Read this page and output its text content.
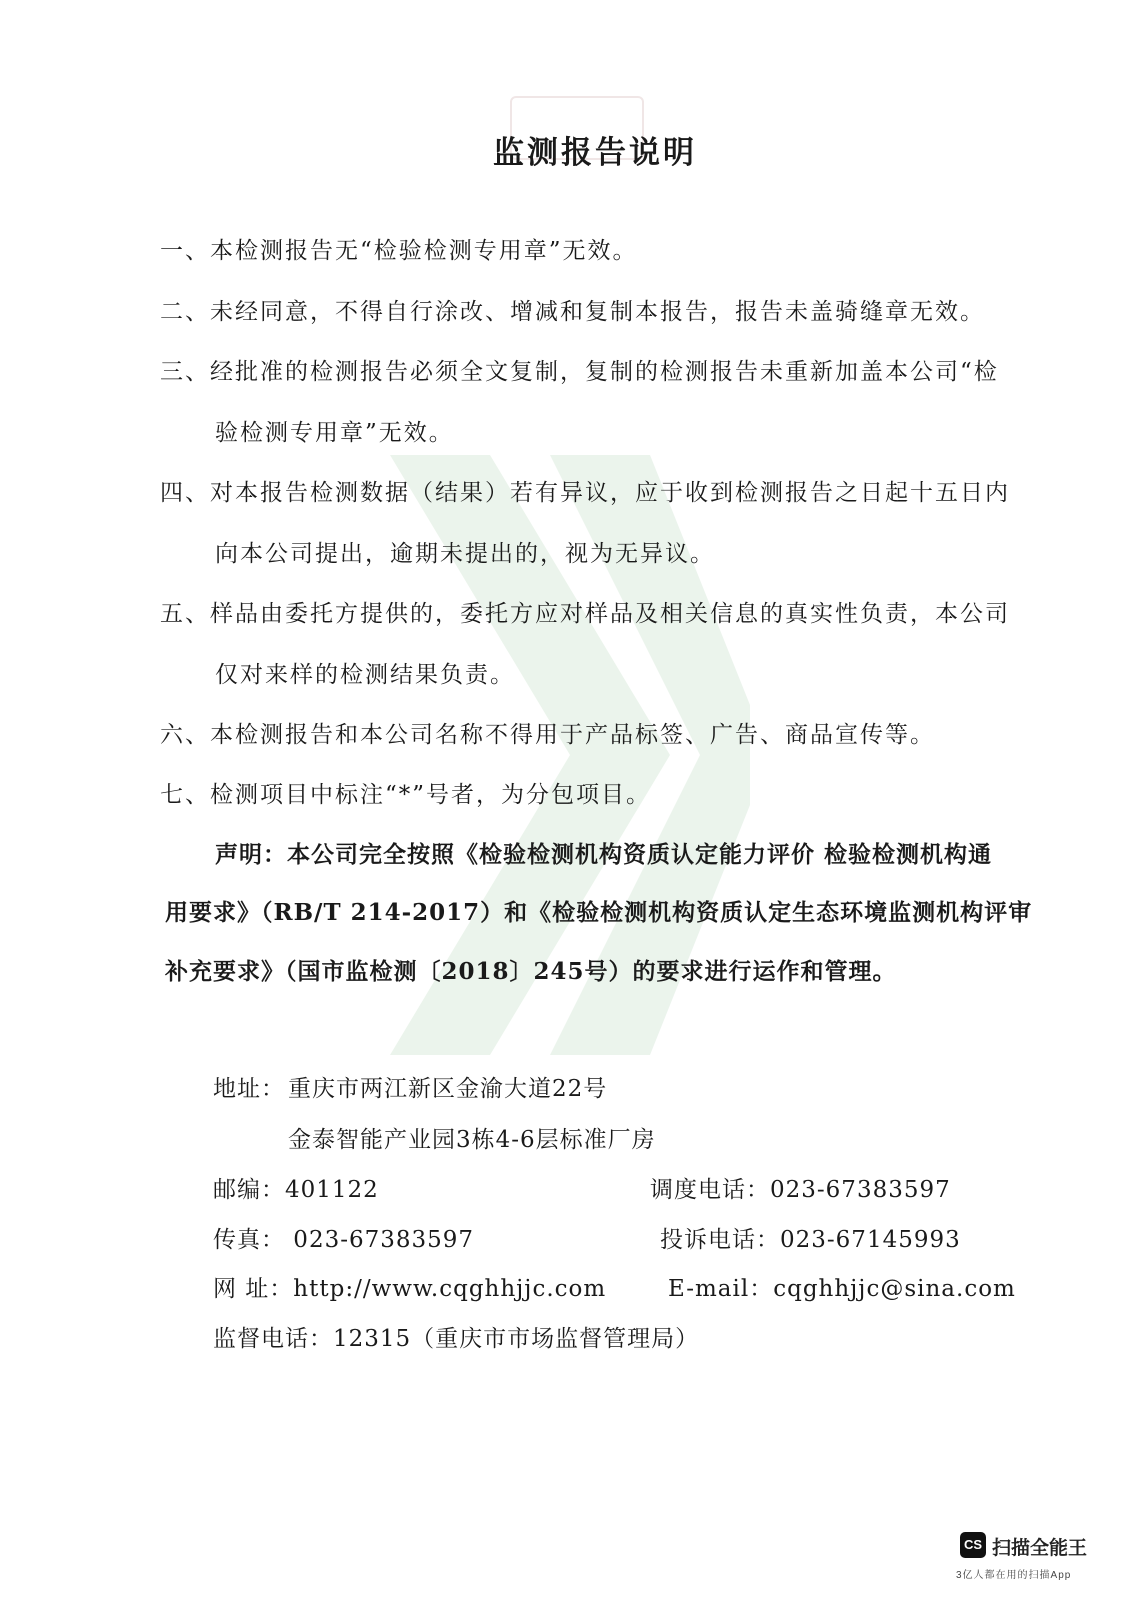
监测报告说明
一、本检测报告无“检验检测专用章”无效。
二、未经同意，不得自行涂改、增减和复制本报告，报告未盖骑缝章无效。
三、经批准的检测报告必须全文复制，复制的检测报告未重新加盖本公司“检
验检测专用章”无效。
四、对本报告检测数据（结果）若有异议，应于收到检测报告之日起十五日内
向本公司提出，逾期未提出的，视为无异议。
五、样品由委托方提供的，委托方应对样品及相关信息的真实性负责，本公司
仅对来样的检测结果负责。
六、本检测报告和本公司名称不得用于产品标签、广告、商品宣传等。
七、检测项目中标注“*”号者，为分包项目。
声明：本公司完全按照《检验检测机构资质认定能力评价 检验检测机构通
用要求》（RB/T 214-2017）和《检验检测机构资质认定生态环境监测机构评审
补充要求》（国市监检测〔2018〕245号）的要求进行运作和管理。
地址： 重庆市两江新区金渝大道22号
金泰智能产业园3栋4-6层标准厂房
邮编：401122	调度电话：023-67383597
传真： 023-67383597	投诉电话：023-67145993
网 址：http://www.cqghhjjc.com	E-mail：cqghhjjc@sina.com
监督电话：12315（重庆市市场监督管理局）
CS 扫描全能王
3亿人都在用的扫描App
